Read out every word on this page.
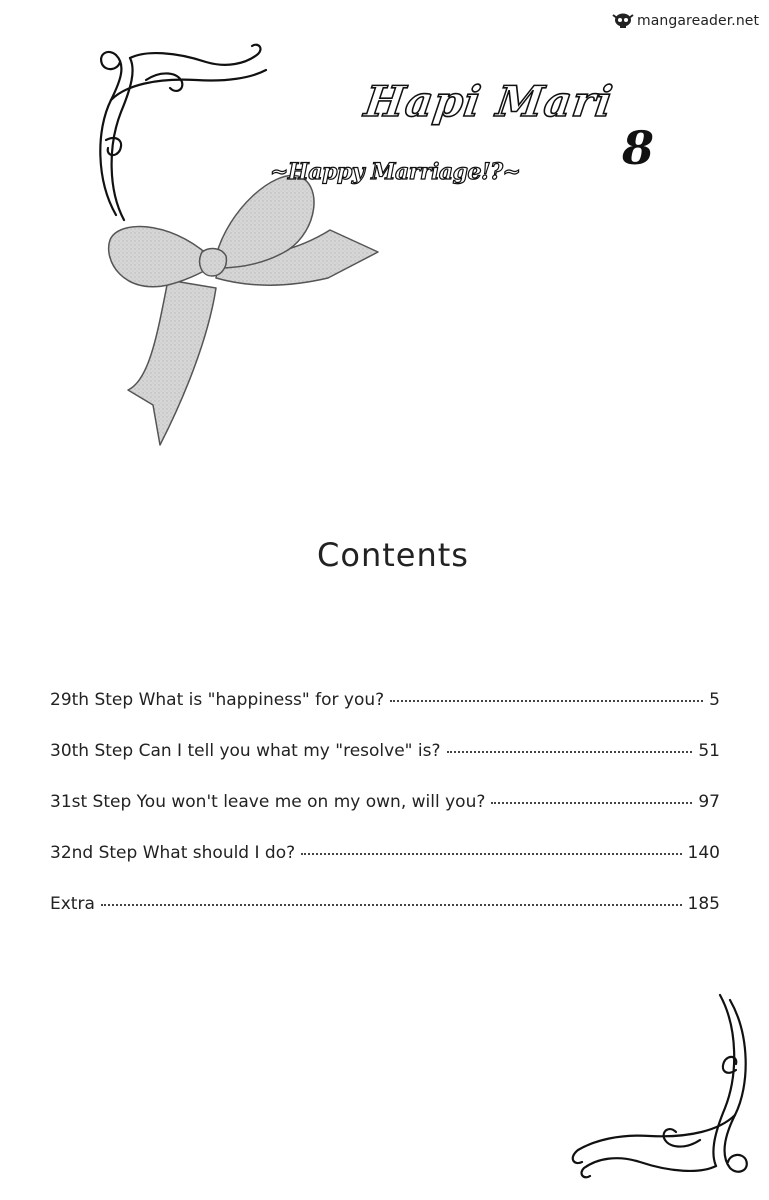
mangareader.net
Hapi Mari
8
~Happy Marriage!?~
Contents
29th Step What is "happiness" for you?	5
30th Step Can I tell you what my "resolve" is?	51
31st Step You won't leave me on my own, will you?	97
32nd Step What should I do?	140
Extra	185
